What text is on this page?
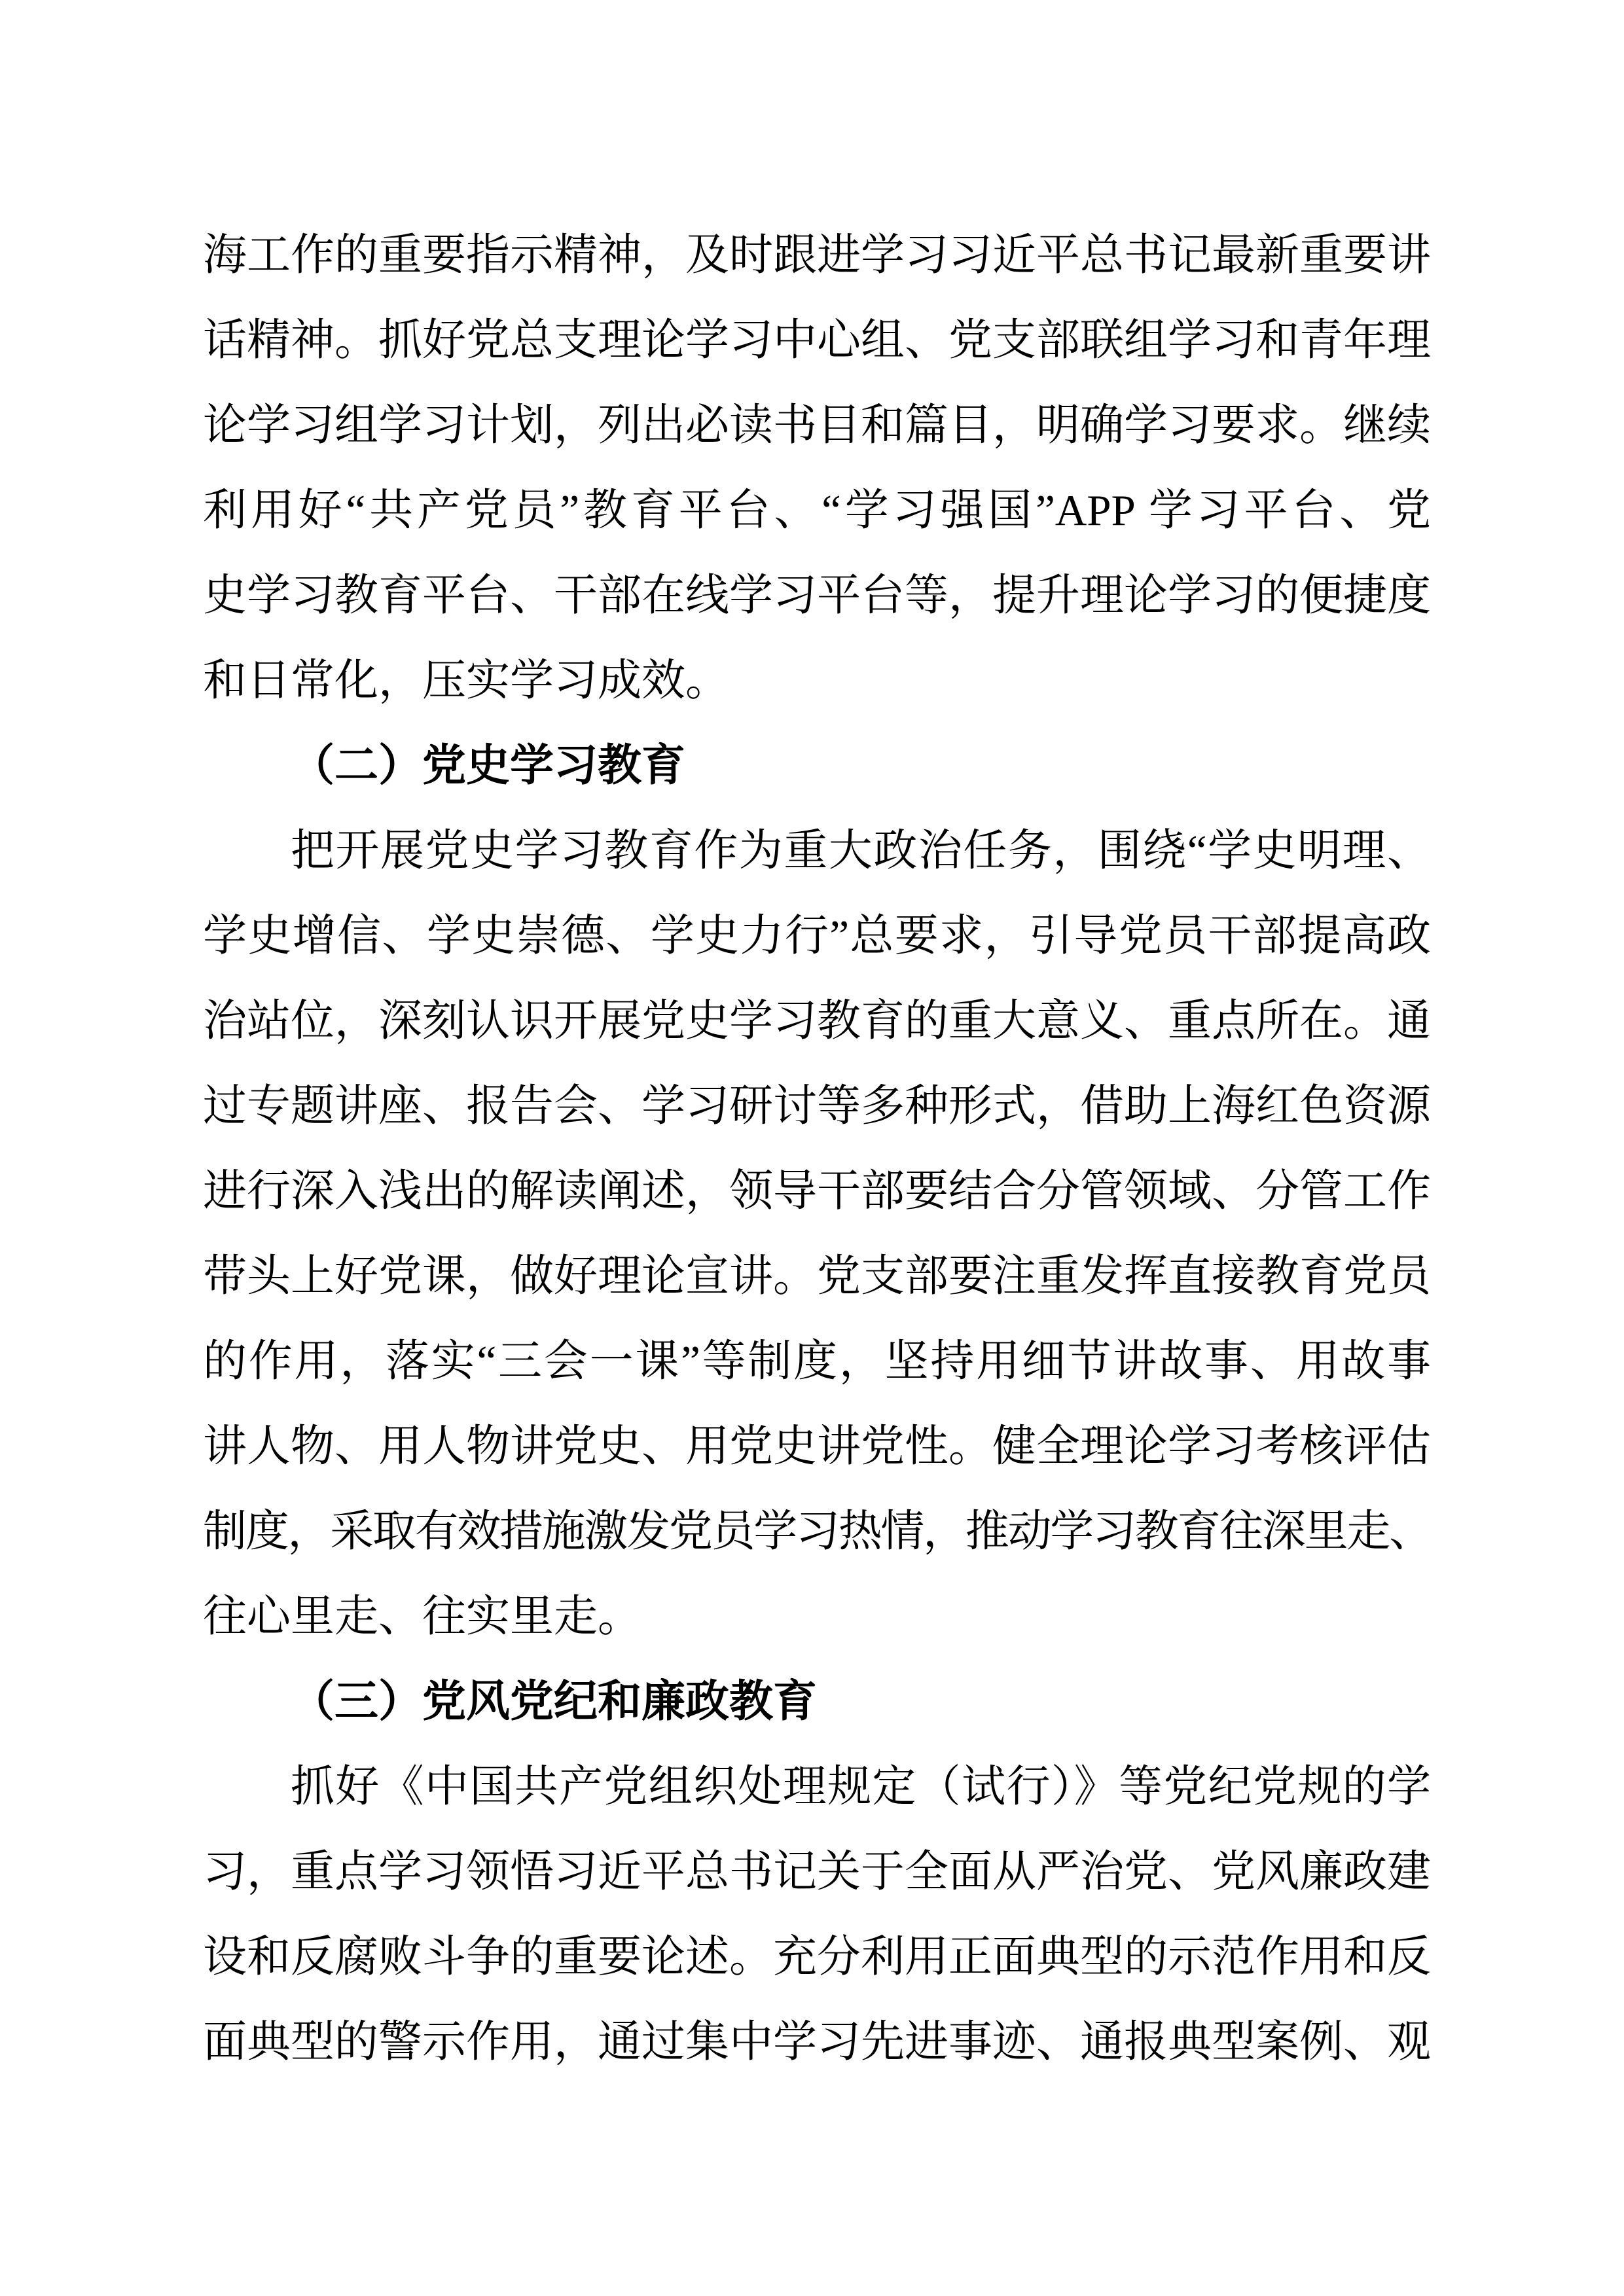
海工作的重要指示精神，及时跟进学习习近平总书记最新重要讲
话精神。抓好党总支理论学习中心组、党支部联组学习和青年理
论学习组学习计划，列出必读书目和篇目，明确学习要求。继续
利用好“共产党员”教育平台、“学习强国”APP 学习平台、党
史学习教育平台、干部在线学习平台等，提升理论学习的便捷度
和日常化，压实学习成效。
（二）党史学习教育
把开展党史学习教育作为重大政治任务，围绕“学史明理、
学史增信、学史崇德、学史力行”总要求，引导党员干部提高政
治站位，深刻认识开展党史学习教育的重大意义、重点所在。通
过专题讲座、报告会、学习研讨等多种形式，借助上海红色资源
进行深入浅出的解读阐述，领导干部要结合分管领域、分管工作
带头上好党课，做好理论宣讲。党支部要注重发挥直接教育党员
的作用，落实“三会一课”等制度，坚持用细节讲故事、用故事
讲人物、用人物讲党史、用党史讲党性。健全理论学习考核评估
制度，采取有效措施激发党员学习热情，推动学习教育往深里走、
往心里走、往实里走。
（三）党风党纪和廉政教育
抓好《中国共产党组织处理规定（试行）》等党纪党规的学
习，重点学习领悟习近平总书记关于全面从严治党、党风廉政建
设和反腐败斗争的重要论述。充分利用正面典型的示范作用和反
面典型的警示作用，通过集中学习先进事迹、通报典型案例、观
